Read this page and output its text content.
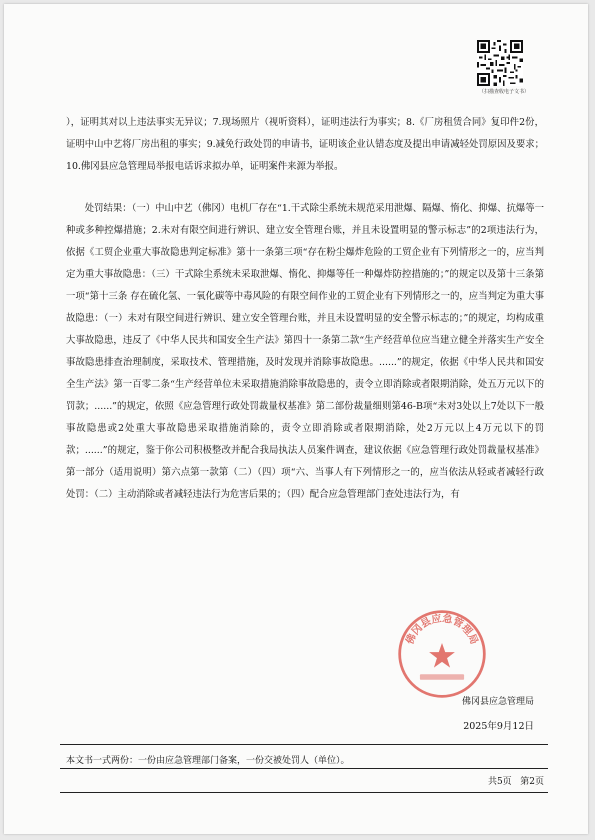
（扫描查收电子文书）

），证明其对以上违法事实无异议；7.现场照片（视听资料），证明违法行为事实；8.《厂房租赁合同》复印件2份，证明中山中艺将厂房出租的事实；9.减免行政处罚的申请书，证明该企业认错态度及提出申请减轻处罚原因及要求；10.佛冈县应急管理局举报电话诉求拟办单，证明案件来源为举报。

处罚结果：（一）中山中艺（佛冈）电机厂存在“1.干式除尘系统未规范采用泄爆、隔爆、惰化、抑爆、抗爆等一种或多种控爆措施；2.未对有限空间进行辨识、建立安全管理台账，并且未设置明显的警示标志”的2项违法行为，依据《工贸企业重大事故隐患判定标准》第十一条第三项“存在粉尘爆炸危险的工贸企业有下列情形之一的，应当判定为重大事故隐患：（三）干式除尘系统未采取泄爆、惰化、抑爆等任一种爆炸防控措施的；”的规定以及第十三条第一项“第十三条 存在硫化氢、一氧化碳等中毒风险的有限空间作业的工贸企业有下列情形之一的，应当判定为重大事故隐患：（一）未对有限空间进行辨识、建立安全管理台账，并且未设置明显的安全警示标志的；”的规定，均构成重大事故隐患，违反了《中华人民共和国安全生产法》第四十一条第二款“生产经营单位应当建立健全并落实生产安全事故隐患排查治理制度，采取技术、管理措施，及时发现并消除事故隐患。......”的规定，依据《中华人民共和国安全生产法》第一百零二条“生产经营单位未采取措施消除事故隐患的，责令立即消除或者限期消除，处五万元以下的罚款；......”的规定，依照《应急管理行政处罚裁量权基准》第二部份裁量细则第46-B项“未对3处以上7处以下一般事故隐患或2处重大事故隐患采取措施消除的，责令立即消除或者限期消除，处2万元以上4万元以下的罚款；......”的规定，鉴于你公司积极整改并配合我局执法人员案件调查，建议依据《应急管理行政处罚裁量权基准》第一部分（适用说明）第六点第一款第（二）（四）项“六、当事人有下列情形之一的，应当依法从轻或者减轻行政处罚：（二）主动消除或者减轻违法行为危害后果的；（四）配合应急管理部门查处违法行为，有

佛冈县应急管理局
佛冈县应急管理局
2025年9月12日
本文书一式两份：一份由应急管理部门备案，一份交被处罚人（单位）。
共5页 第2页
